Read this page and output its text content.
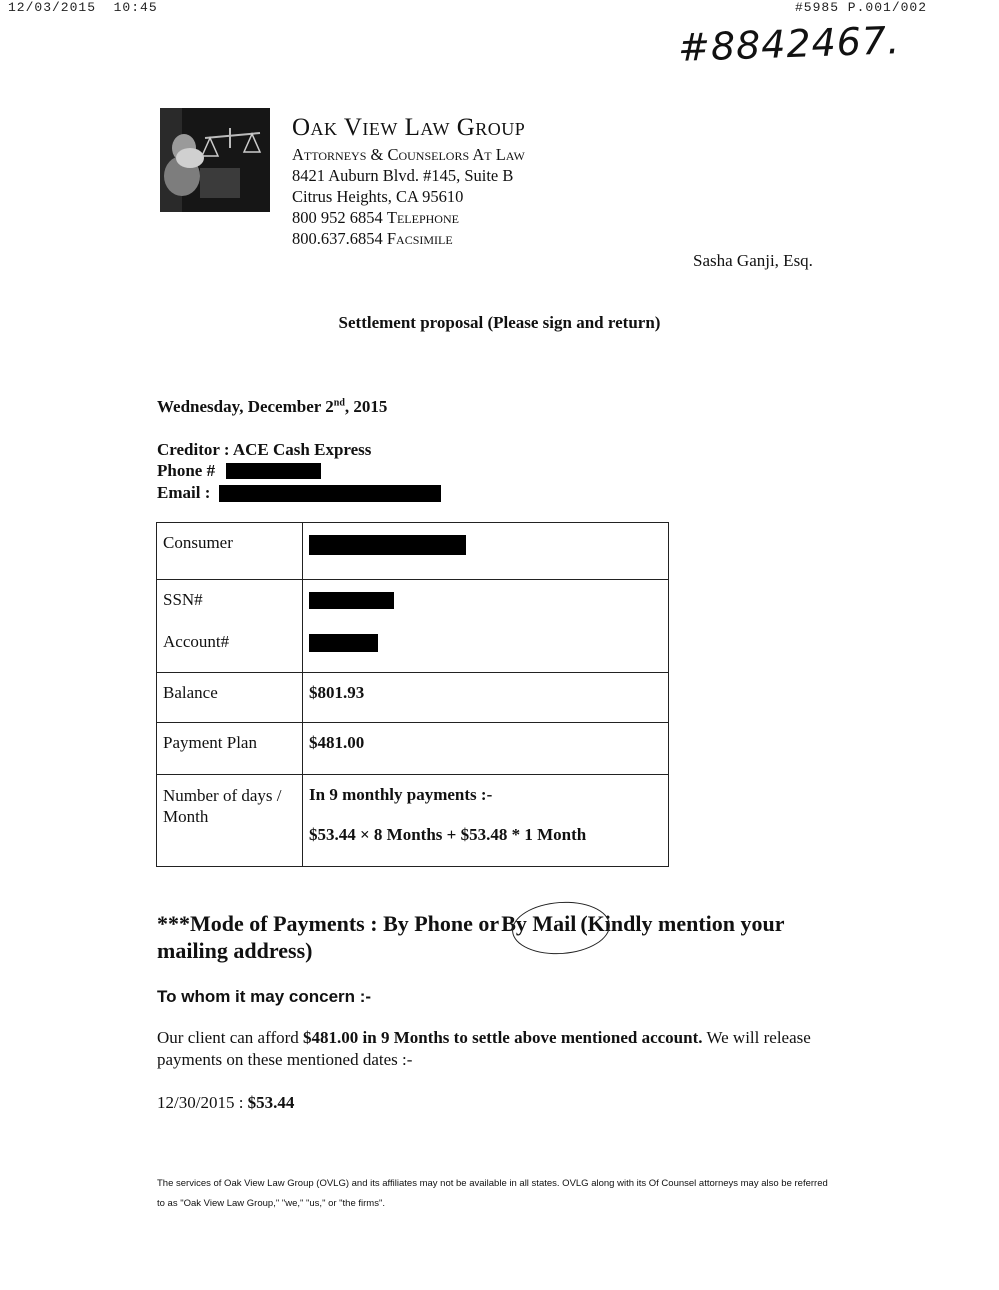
12/03/2015 10:45	#5985 P.001/002
#8842467.
Oak View Law Group
Attorneys & Counselors At Law
8421 Auburn Blvd. #145, Suite B
Citrus Heights, CA 95610
800 952 6854 Telephone
800.637.6854 Facsimile
Sasha Ganji, Esq.
Settlement proposal (Please sign and return)
Wednesday, December 2nd, 2015
Creditor : ACE Cash Express
Phone #
Email :
Consumer	

SSN#
Account#	

Balance	$801.93
Payment Plan	$481.00
Number of days / Month	In 9 monthly payments :-
$53.44 × 8 Months + $53.48 * 1 Month
***Mode of Payments : By Phone orBy Mail (Kindly mention your mailing address)
To whom it may concern :-
Our client can afford $481.00 in 9 Months to settle above mentioned account. We will release payments on these mentioned dates :-
12/30/2015 : $53.44
The services of Oak View Law Group (OVLG) and its affiliates may not be available in all states. OVLG along with its Of Counsel attorneys may also be referred to as "Oak View Law Group," "we," "us," or "the firms".
